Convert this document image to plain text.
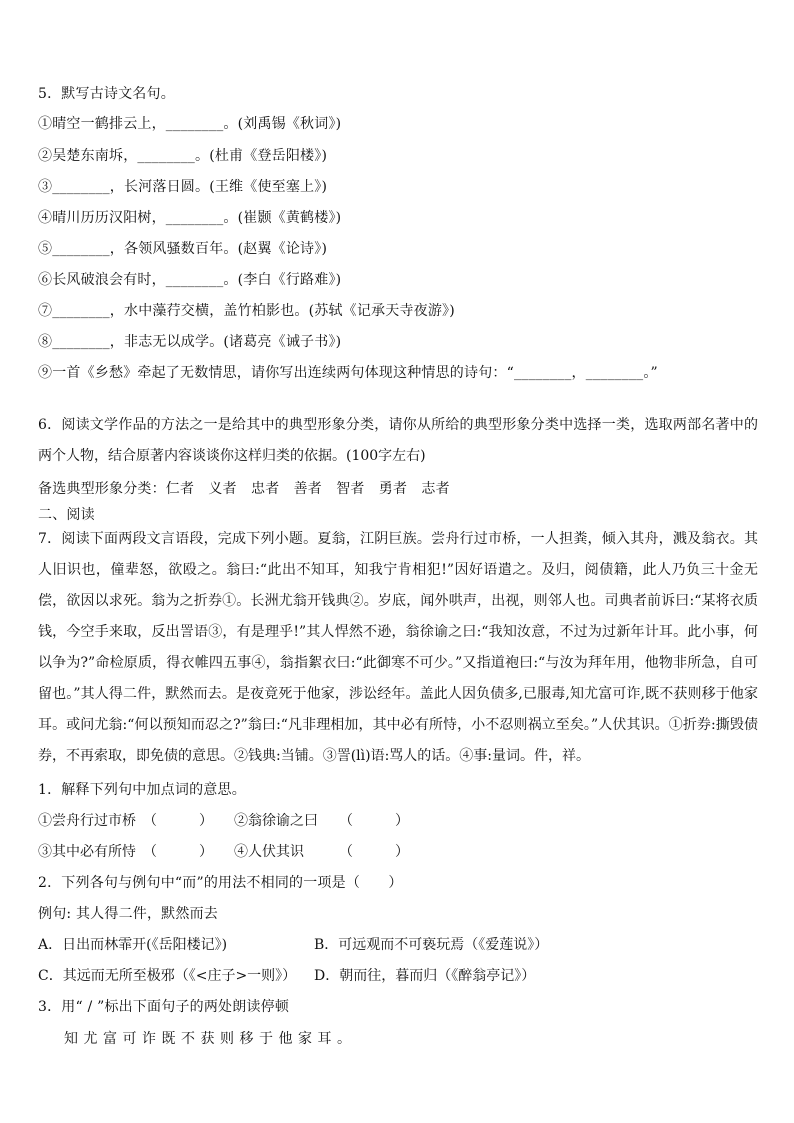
5．默写古诗文名句。
①晴空一鹤排云上，________。(刘禹锡《秋词》)
②吴楚东南坼，________。(杜甫《登岳阳楼》)
③________，长河落日圆。(王维《使至塞上》)
④晴川历历汉阳树，________。(崔颢《黄鹤楼》)
⑤________，各领风骚数百年。(赵翼《论诗》)
⑥长风破浪会有时，________。(李白《行路难》)
⑦________，水中藻荇交横，盖竹柏影也。(苏轼《记承天寺夜游》)
⑧________，非志无以成学。(诸葛亮《诫子书》)
⑨一首《乡愁》牵起了无数情思，请你写出连续两句体现这种情思的诗句：“________，________。”
6．阅读文学作品的方法之一是给其中的典型形象分类，请你从所给的典型形象分类中选择一类，选取两部名著中的两个人物，结合原著内容谈谈你这样归类的依据。(100字左右)
备选典型形象分类：仁者　义者　忠者　善者　智者　勇者　志者
二、阅读
7．阅读下面两段文言语段，完成下列小题。夏翁，江阴巨族。尝舟行过市桥，一人担粪，倾入其舟，溅及翁衣。其人旧识也，僮辈怒，欲殴之。翁曰:“此出不知耳，知我宁肯相犯!”因好语遣之。及归，阅债籍，此人乃负三十金无偿，欲因以求死。翁为之折券①。长洲尤翁开钱典②。岁底，闻外哄声，出视，则邻人也。司典者前诉曰:“某将衣质钱，今空手来取，反出詈语③，有是理乎!”其人悍然不逊，翁徐谕之曰:“我知汝意，不过为过新年计耳。此小事，何以争为?”命检原质，得衣帷四五事④，翁指絮衣曰:“此御寒不可少。”又指道袍曰:“与汝为拜年用，他物非所急，自可留也。”其人得二件，默然而去。是夜竟死于他家，涉讼经年。盖此人因负债多,已服毒,知尤富可诈,既不获则移于他家耳。或问尤翁:“何以预知而忍之?”翁曰:“凡非理相加，其中必有所恃，小不忍则祸立至矣。”人伏其识。①折券:撕毁债券，不再索取，即免债的意思。②钱典:当铺。③詈(lì)语:骂人的话。④事:量词。件，祥。
1．解释下列句中加点词的意思。
①尝舟行过市桥　（　　　） ②翁徐谕之曰　　（　　　）
③其中必有所恃　（　　　） ④人伏其识　　　（　　　）
2．下列各句与例句中“而”的用法不相同的一项是（　　）
例句: 其人得二件，默然而去
A．日出而林霏开(《岳阳楼记》)	B．可远观而不可亵玩焉（《爱莲说》）
C．其远而无所至极邪（《<庄子>一则》） D．朝而往，暮而归（《醉翁亭记》）
3．用“ / ”标出下面句子的两处朗读停顿
知尤富可诈既不获则移于他家耳。
